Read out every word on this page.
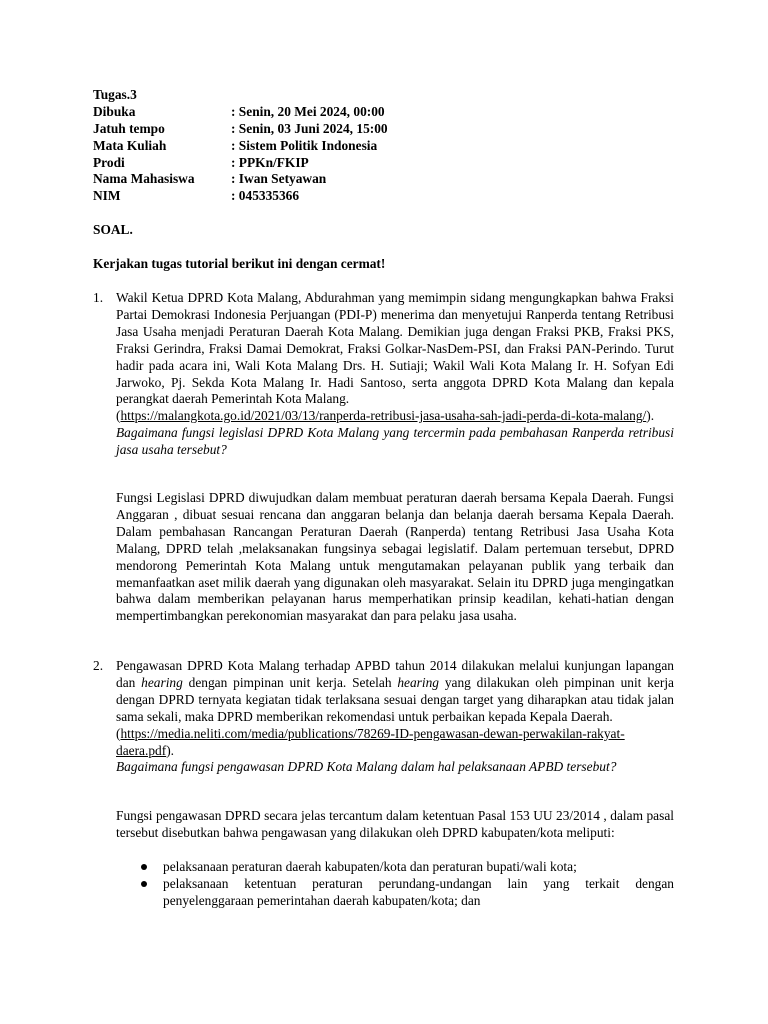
Tugas.3
Dibuka	: Senin, 20 Mei 2024, 00:00
Jatuh tempo	: Senin, 03 Juni 2024, 15:00
Mata Kuliah	: Sistem Politik Indonesia
Prodi	: PPKn/FKIP
Nama Mahasiswa	: Iwan Setyawan
NIM	: 045335366
SOAL.
Kerjakan tugas tutorial berikut ini dengan cermat!
1. Wakil Ketua DPRD Kota Malang, Abdurahman yang memimpin sidang mengungkapkan bahwa Fraksi Partai Demokrasi Indonesia Perjuangan (PDI-P) menerima dan menyetujui Ranperda tentang Retribusi Jasa Usaha menjadi Peraturan Daerah Kota Malang. Demikian juga dengan Fraksi PKB, Fraksi PKS, Fraksi Gerindra, Fraksi Damai Demokrat, Fraksi Golkar-NasDem-PSI, dan Fraksi PAN-Perindo. Turut hadir pada acara ini, Wali Kota Malang Drs. H. Sutiaji; Wakil Wali Kota Malang Ir. H. Sofyan Edi Jarwoko, Pj. Sekda Kota Malang Ir. Hadi Santoso, serta anggota DPRD Kota Malang dan kepala perangkat daerah Pemerintah Kota Malang.
(https://malangkota.go.id/2021/03/13/ranperda-retribusi-jasa-usaha-sah-jadi-perda-di-kota-malang/).
Bagaimana fungsi legislasi DPRD Kota Malang yang tercermin pada pembahasan Ranperda retribusi jasa usaha tersebut?
Fungsi Legislasi DPRD diwujudkan dalam membuat peraturan daerah bersama Kepala Daerah. Fungsi Anggaran , dibuat sesuai rencana dan anggaran belanja dan belanja daerah bersama Kepala Daerah. Dalam pembahasan Rancangan Peraturan Daerah (Ranperda) tentang Retribusi Jasa Usaha Kota Malang, DPRD telah ,melaksanakan fungsinya sebagai legislatif. Dalam pertemuan tersebut, DPRD mendorong Pemerintah Kota Malang untuk mengutamakan pelayanan publik yang terbaik dan memanfaatkan aset milik daerah yang digunakan oleh masyarakat. Selain itu DPRD juga mengingatkan bahwa dalam memberikan pelayanan harus memperhatikan prinsip keadilan, kehati-hatian dengan mempertimbangkan perekonomian masyarakat dan para pelaku jasa usaha.
2. Pengawasan DPRD Kota Malang terhadap APBD tahun 2014 dilakukan melalui kunjungan lapangan dan hearing dengan pimpinan unit kerja. Setelah hearing yang dilakukan oleh pimpinan unit kerja dengan DPRD ternyata kegiatan tidak terlaksana sesuai dengan target yang diharapkan atau tidak jalan sama sekali, maka DPRD memberikan rekomendasi untuk perbaikan kepada Kepala Daerah.
(https://media.neliti.com/media/publications/78269-ID-pengawasan-dewan-perwakilan-rakyat-daera.pdf).
Bagaimana fungsi pengawasan DPRD Kota Malang dalam hal pelaksanaan APBD tersebut?
Fungsi pengawasan DPRD secara jelas tercantum dalam ketentuan Pasal 153 UU 23/2014 , dalam pasal tersebut disebutkan bahwa pengawasan yang dilakukan oleh DPRD kabupaten/kota meliputi:
pelaksanaan peraturan daerah kabupaten/kota dan peraturan bupati/wali kota;
pelaksanaan ketentuan peraturan perundang-undangan lain yang terkait dengan penyelenggaraan pemerintahan daerah kabupaten/kota; dan
